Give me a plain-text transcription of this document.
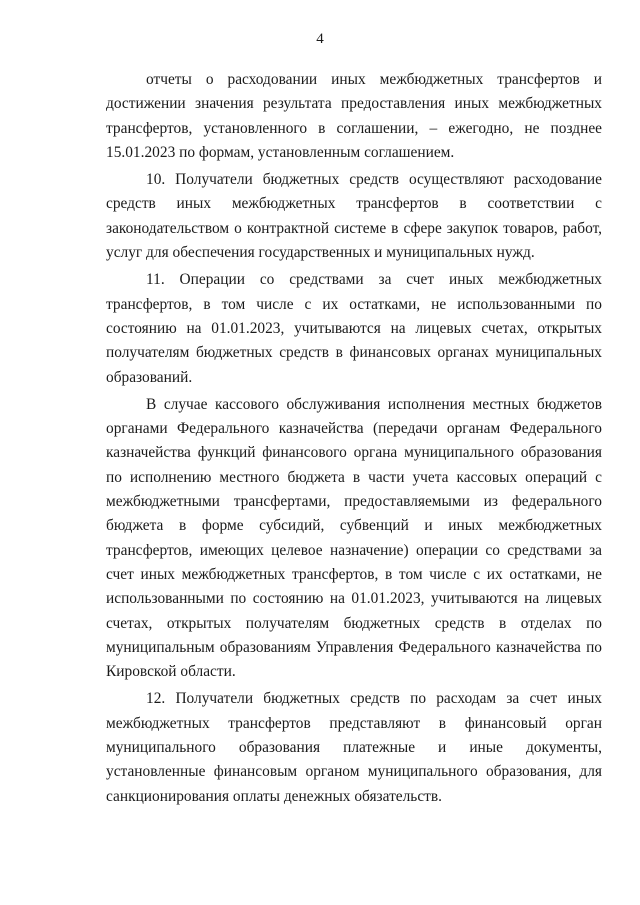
4

отчеты о расходовании иных межбюджетных трансфертов и достижении значения результата предоставления иных межбюджетных трансфертов, установленного в соглашении, – ежегодно, не позднее 15.01.2023 по формам, установленным соглашением.

10. Получатели бюджетных средств осуществляют расходование средств иных межбюджетных трансфертов в соответствии с законодательством о контрактной системе в сфере закупок товаров, работ, услуг для обеспечения государственных и муниципальных нужд.

11. Операции со средствами за счет иных межбюджетных трансфертов, в том числе с их остатками, не использованными по состоянию на 01.01.2023, учитываются на лицевых счетах, открытых получателям бюджетных средств в финансовых органах муниципальных образований.

В случае кассового обслуживания исполнения местных бюджетов органами Федерального казначейства (передачи органам Федерального казначейства функций финансового органа муниципального образования по исполнению местного бюджета в части учета кассовых операций с межбюджетными трансфертами, предоставляемыми из федерального бюджета в форме субсидий, субвенций и иных межбюджетных трансфертов, имеющих целевое назначение) операции со средствами за счет иных межбюджетных трансфертов, в том числе с их остатками, не использованными по состоянию на 01.01.2023, учитываются на лицевых счетах, открытых получателям бюджетных средств в отделах по муниципальным образованиям Управления Федерального казначейства по Кировской области.

12. Получатели бюджетных средств по расходам за счет иных межбюджетных трансфертов представляют в финансовый орган муниципального образования платежные и иные документы, установленные финансовым органом муниципального образования, для санкционирования оплаты денежных обязательств.
